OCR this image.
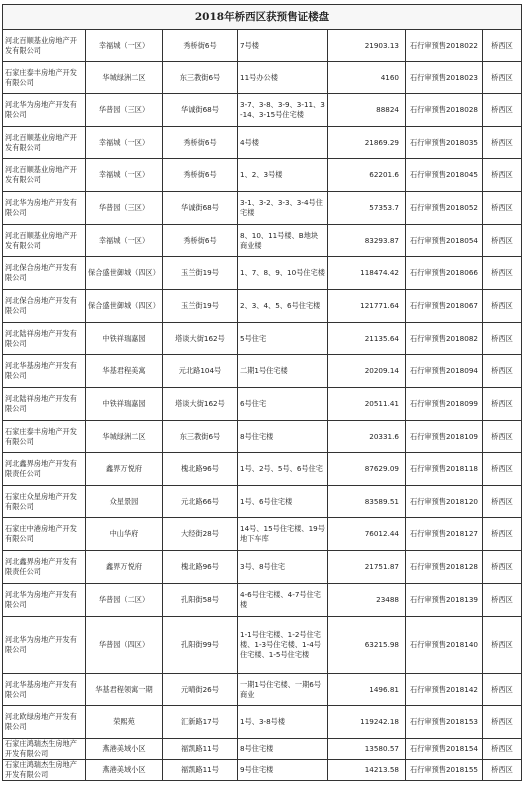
2018年桥西区获预售证楼盘						
河北百顺基业房地产开发有限公司	幸福城（一区）	秀桥街6号	7号楼	21903.13	石行审预售2018022	桥西区
石家庄泰丰房地产开发有限公司	华城绿洲二区	东三教街6号	11号办公楼	4160	石行审预售2018023	桥西区
河北华为房地产开发有限公司	华普园（三区）	华诚街68号	3-7、3-8、3-9、3-11、3-14、3-15号住宅楼	88824	石行审预售2018028	桥西区
河北百顺基业房地产开发有限公司	幸福城（一区）	秀桥街6号	4号楼	21869.29	石行审预售2018035	桥西区
河北百顺基业房地产开发有限公司	幸福城（一区）	秀桥街6号	1、2、3号楼	62201.6	石行审预售2018045	桥西区
河北华为房地产开发有限公司	华普园（三区）	华诚街68号	3-1、3-2、3-3、3-4号住宅楼	57353.7	石行审预售2018052	桥西区
河北百顺基业房地产开发有限公司	幸福城（一区）	秀桥街6号	8、10、11号楼、B地块商业楼	83293.87	石行审预售2018054	桥西区
河北保合房地产开发有限公司	保合盛世御城（四区）	玉兰街19号	1、7、8、9、10号住宅楼	118474.42	石行审预售2018066	桥西区
河北保合房地产开发有限公司	保合盛世御城（四区）	玉兰街19号	2、3、4、5、6号住宅楼	121771.64	石行审预售2018067	桥西区
河北陆祥房地产开发有限公司	中铁祥瑞嘉园	塔谈大街162号	5号住宅	21135.64	石行审预售2018082	桥西区
河北华基房地产开发有限公司	华基君程美寓	元北路104号	二期1号住宅楼	20209.14	石行审预售2018094	桥西区
河北陆祥房地产开发有限公司	中铁祥瑞嘉园	塔谈大街162号	6号住宅	20511.41	石行审预售2018099	桥西区
石家庄泰丰房地产开发有限公司	华城绿洲二区	东三教街6号	8号住宅楼	20331.6	石行审预售2018109	桥西区
河北鑫界房地产开发有限责任公司	鑫界万悦府	槐北路96号	1号、2号、5号、6号住宅	87629.09	石行审预售2018118	桥西区
石家庄众星房地产开发有限公司	众星景园	元北路66号	1号、6号住宅楼	83589.51	石行审预售2018120	桥西区
石家庄中港房地产开发有限公司	中山华府	大经街28号	14号、15号住宅楼、19号地下车库	76012.44	石行审预售2018127	桥西区
河北鑫界房地产开发有限责任公司	鑫界万悦府	槐北路96号	3号、8号住宅	21751.87	石行审预售2018128	桥西区
河北华为房地产开发有限公司	华普园（二区）	孔阳街58号	4-6号住宅楼、4-7号住宅楼	23488	石行审预售2018139	桥西区
河北华为房地产开发有限公司	华普园（四区）	孔阳街99号	1-1号住宅楼、1-2号住宅楼、1-3号住宅楼、1-4号住宅楼、1-5号住宅楼	63215.98	石行审预售2018140	桥西区
河北华基房地产开发有限公司	华基君程领寓一期	元晴街26号	一期1号住宅楼、一期6号商业	1496.81	石行审预售2018142	桥西区
河北欧绿房地产开发有限公司	荣熙苑	汇新路17号	1号、3-8号楼	119242.18	石行审预售2018153	桥西区
石家庄鸿瑞杰生房地产开发有限公司	燕港美域小区	福凯路11号	8号住宅楼	13580.57	石行审预售2018154	桥西区
石家庄鸿瑞杰生房地产开发有限公司	燕港美域小区	福凯路11号	9号住宅楼	14213.58	石行审预售2018155	桥西区
